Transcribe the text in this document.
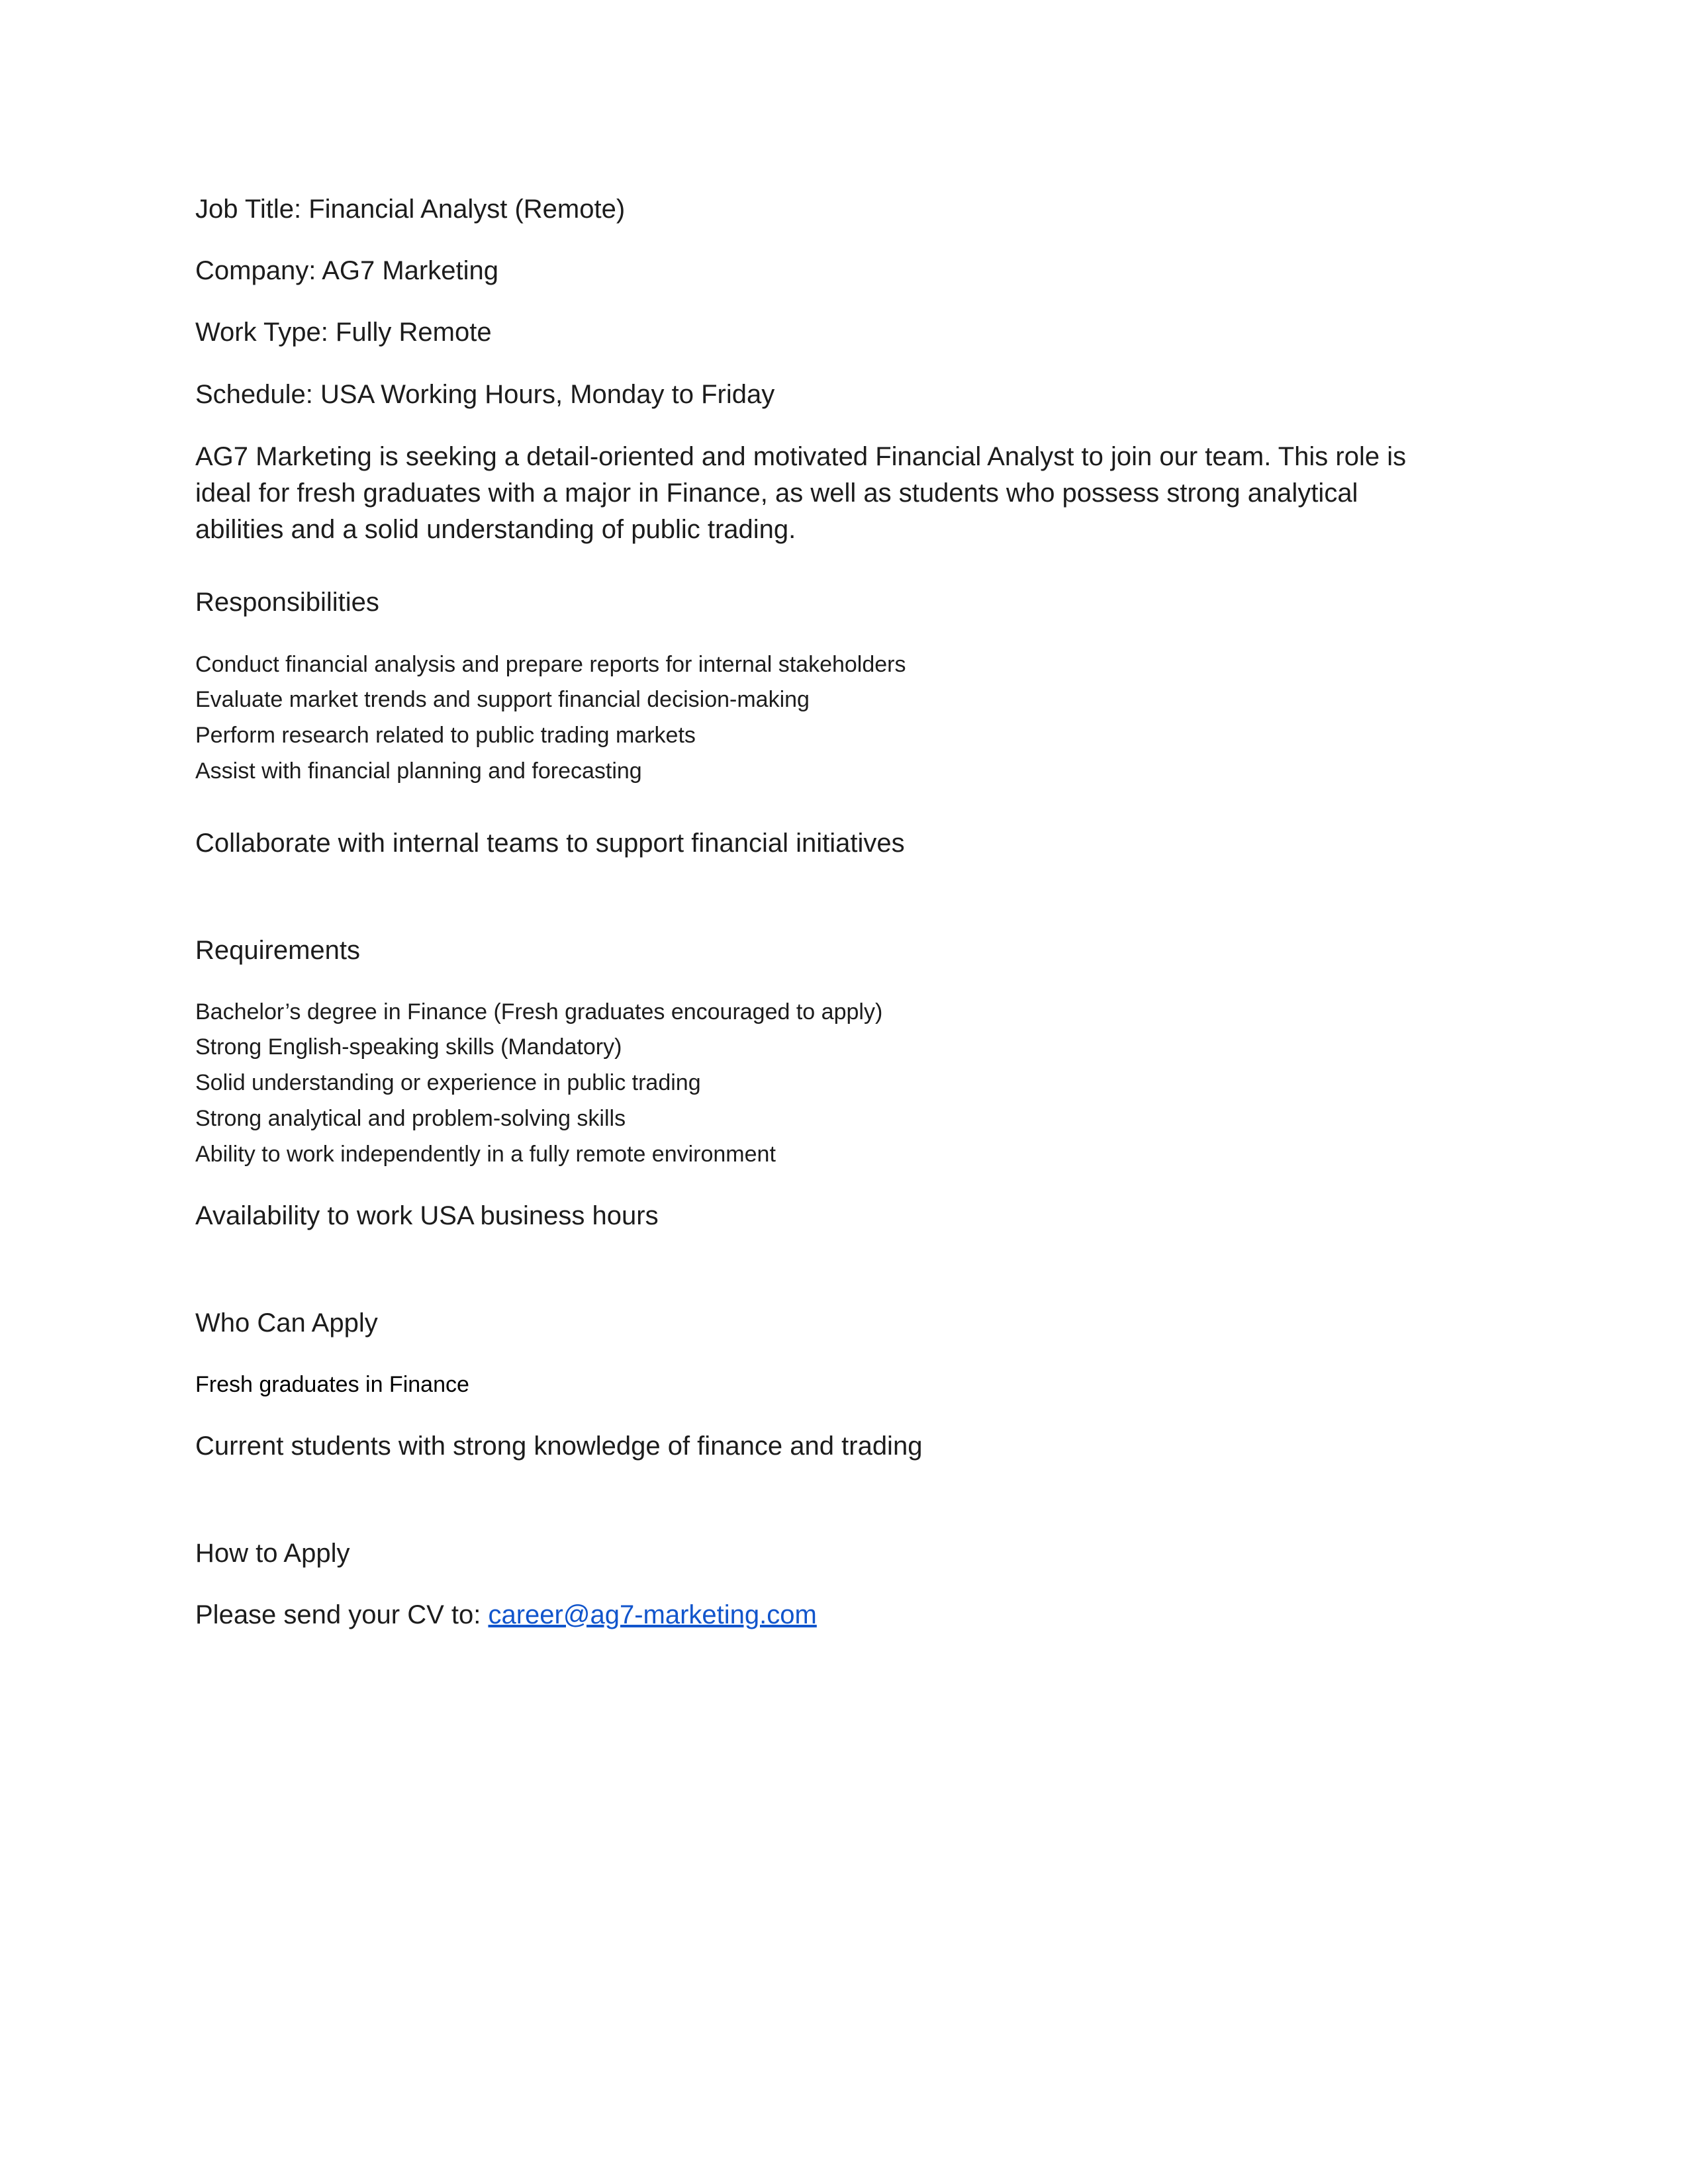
Job Title: Financial Analyst (Remote)

Company: AG7 Marketing

Work Type: Fully Remote

Schedule: USA Working Hours, Monday to Friday

AG7 Marketing is seeking a detail-oriented and motivated Financial Analyst to join our team. This role is ideal for fresh graduates with a major in Finance, as well as students who possess strong analytical abilities and a solid understanding of public trading.

Responsibilities
Conduct financial analysis and prepare reports for internal stakeholders
Evaluate market trends and support financial decision-making
Perform research related to public trading markets
Assist with financial planning and forecasting

Collaborate with internal teams to support financial initiatives

Requirements
Bachelor’s degree in Finance (Fresh graduates encouraged to apply)
Strong English-speaking skills (Mandatory)
Solid understanding or experience in public trading
Strong analytical and problem-solving skills
Ability to work independently in a fully remote environment

Availability to work USA business hours

Who Can Apply

Fresh graduates in Finance

Current students with strong knowledge of finance and trading

How to Apply

Please send your CV to: career@ag7-marketing.com
